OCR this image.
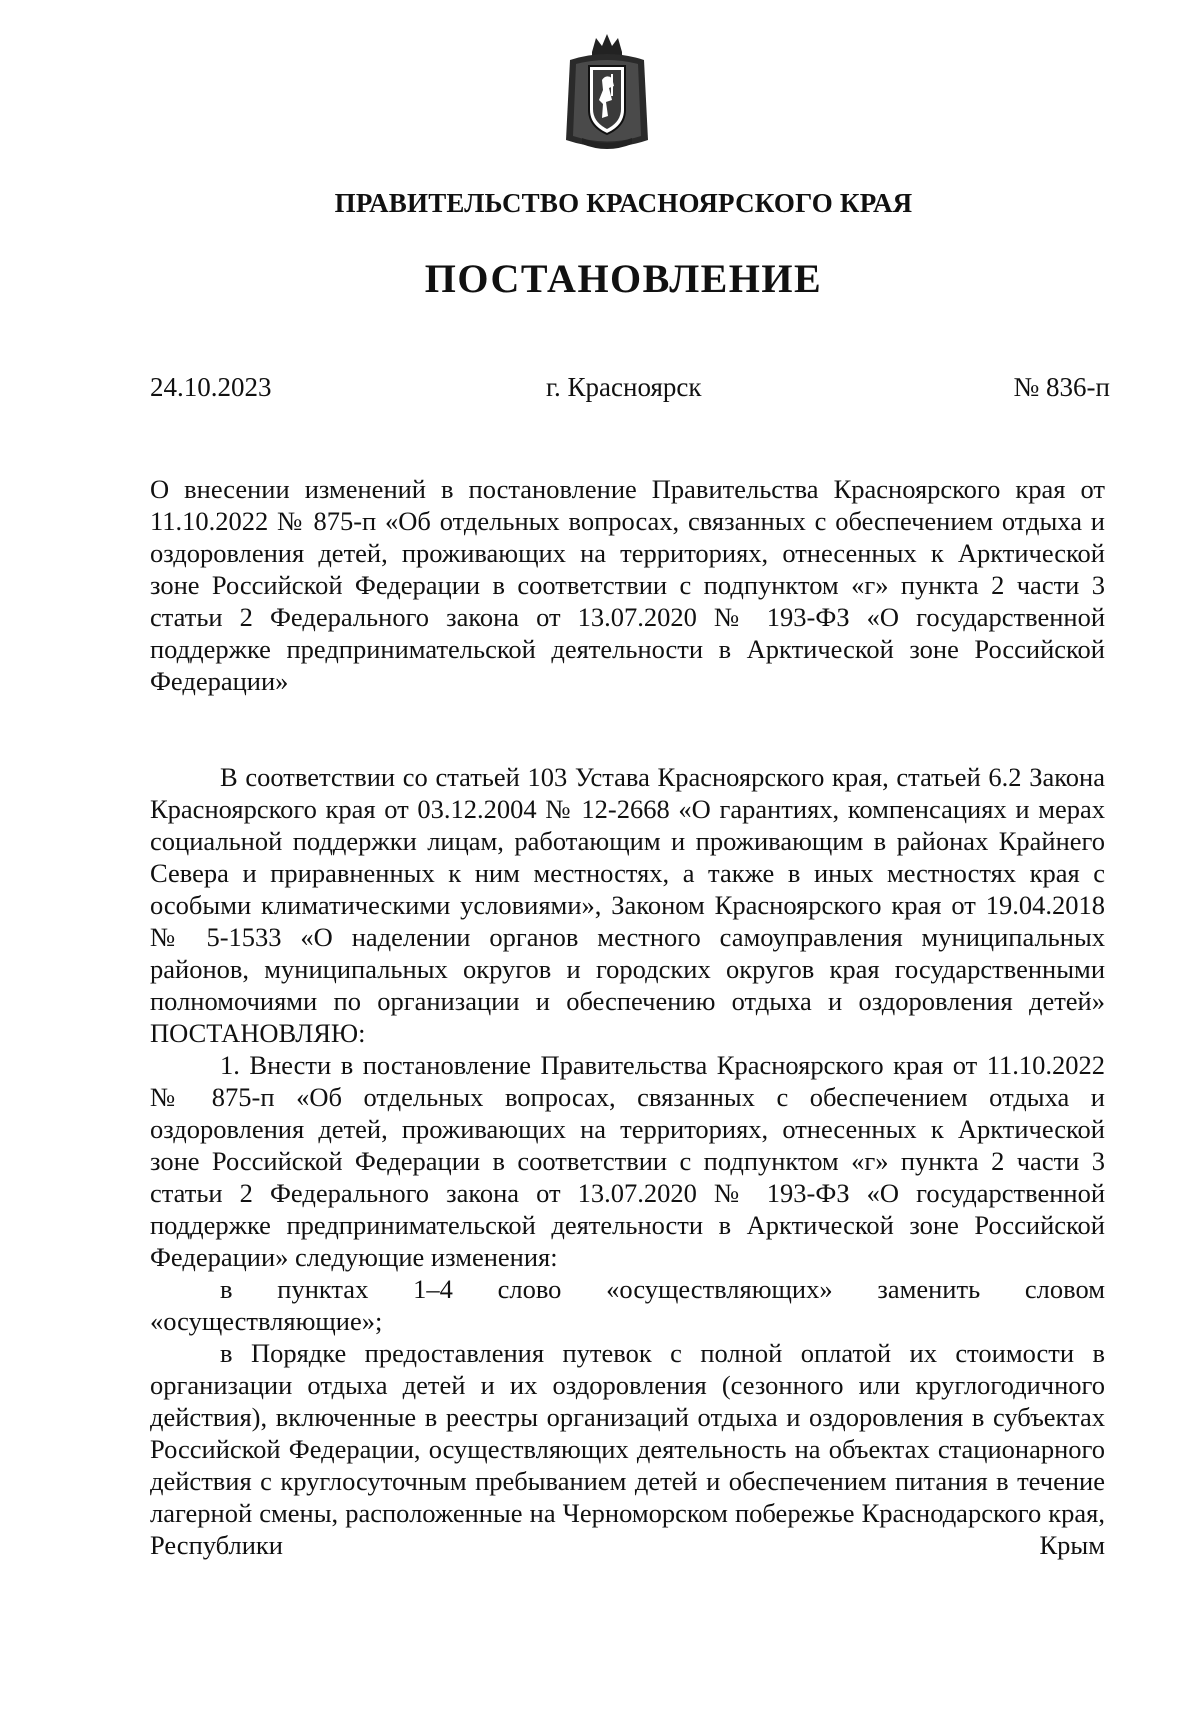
ПРАВИТЕЛЬСТВО КРАСНОЯРСКОГО КРАЯ
ПОСТАНОВЛЕНИЕ
24.10.2023	г. Красноярск	№ 836-п
О внесении изменений в постановление Правительства Красноярского края от 11.10.2022 № 875-п «Об отдельных вопросах, связанных с обеспечением отдыха и оздоровления детей, проживающих на территориях, отнесенных к Арктической зоне Российской Федерации в соответствии с подпунктом «г» пункта 2 части 3 статьи 2 Федерального закона от 13.07.2020 № 193-ФЗ «О государственной поддержке предпринимательской деятельности в Арктической зоне Российской Федерации»

В соответствии со статьей 103 Устава Красноярского края, статьей 6.2 Закона Красноярского края от 03.12.2004 № 12-2668 «О гарантиях, компенсациях и мерах социальной поддержки лицам, работающим и проживающим в районах Крайнего Севера и приравненных к ним местностях, а также в иных местностях края с особыми климатическими условиями», Законом Красноярского края от 19.04.2018 № 5-1533 «О наделении органов местного самоуправления муниципальных районов, муниципальных округов и городских округов края государственными полномочиями по организации и обеспечению отдыха и оздоровления детей» ПОСТАНОВЛЯЮ:

1. Внести в постановление Правительства Красноярского края от 11.10.2022 № 875-п «Об отдельных вопросах, связанных с обеспечением отдыха и оздоровления детей, проживающих на территориях, отнесенных к Арктической зоне Российской Федерации в соответствии с подпунктом «г» пункта 2 части 3 статьи 2 Федерального закона от 13.07.2020 № 193-ФЗ «О государственной поддержке предпринимательской деятельности в Арктической зоне Российской Федерации» следующие изменения:

в пунктах 1–4 слово «осуществляющих» заменить словом «осуществляющие»;

в Порядке предоставления путевок с полной оплатой их стоимости в организации отдыха детей и их оздоровления (сезонного или круглогодичного действия), включенные в реестры организаций отдыха и оздоровления в субъектах Российской Федерации, осуществляющих деятельность на объектах стационарного действия с круглосуточным пребыванием детей и обеспечением питания в течение лагерной смены, расположенные на Черноморском побережье Краснодарского края, Республики Крым
